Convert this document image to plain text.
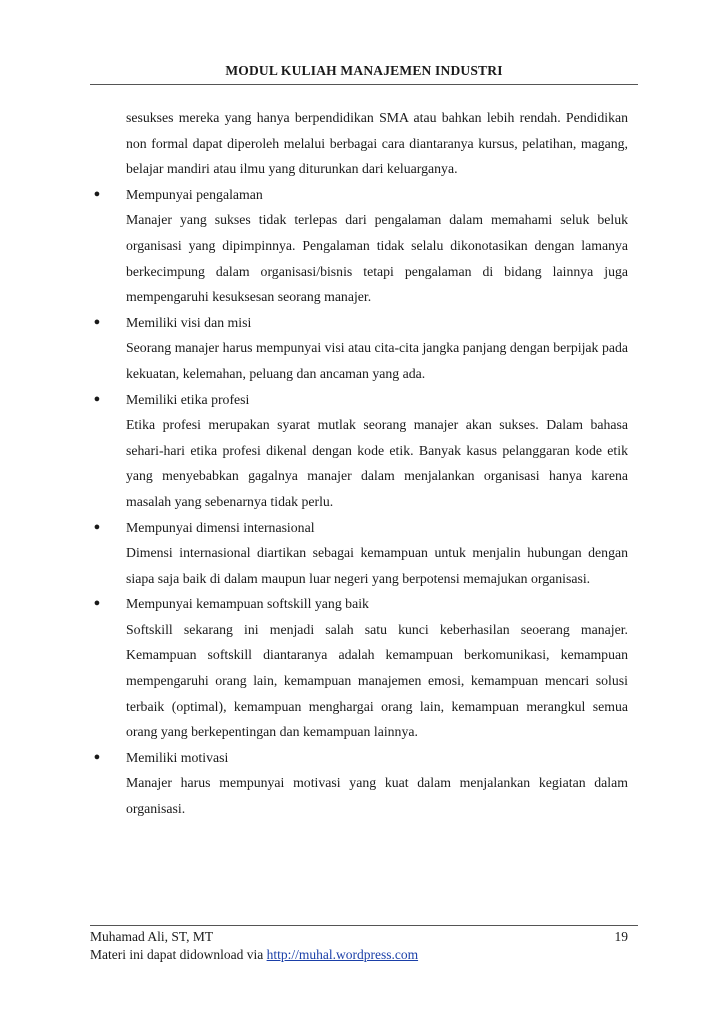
MODUL KULIAH MANAJEMEN INDUSTRI
sesukses mereka yang hanya berpendidikan SMA atau bahkan lebih rendah. Pendidikan non formal dapat diperoleh melalui berbagai cara diantaranya kursus, pelatihan, magang, belajar mandiri atau ilmu yang diturunkan dari keluarganya.
● Mempunyai pengalaman
Manajer yang sukses tidak terlepas dari pengalaman dalam memahami seluk beluk organisasi yang dipimpinnya. Pengalaman tidak selalu dikonotasikan dengan lamanya berkecimpung dalam organisasi/bisnis tetapi pengalaman di bidang lainnya juga mempengaruhi kesuksesan seorang manajer.
● Memiliki visi dan misi
Seorang manajer harus mempunyai visi atau cita-cita jangka panjang dengan berpijak pada kekuatan, kelemahan, peluang dan ancaman yang ada.
● Memiliki etika profesi
Etika profesi merupakan syarat mutlak seorang manajer akan sukses. Dalam bahasa sehari-hari etika profesi dikenal dengan kode etik. Banyak kasus pelanggaran kode etik yang menyebabkan gagalnya manajer dalam menjalankan organisasi hanya karena masalah yang sebenarnya tidak perlu.
● Mempunyai dimensi internasional
Dimensi internasional diartikan sebagai kemampuan untuk menjalin hubungan dengan siapa saja baik di dalam maupun luar negeri yang berpotensi memajukan organisasi.
● Mempunyai kemampuan softskill yang baik
Softskill sekarang ini menjadi salah satu kunci keberhasilan seoerang manajer. Kemampuan softskill diantaranya adalah kemampuan berkomunikasi, kemampuan mempengaruhi orang lain, kemampuan manajemen emosi, kemampuan mencari solusi terbaik (optimal), kemampuan menghargai orang lain, kemampuan merangkul semua orang yang berkepentingan dan kemampuan lainnya.
● Memiliki motivasi
Manajer harus mempunyai motivasi yang kuat dalam menjalankan kegiatan dalam organisasi.
Muhamad Ali, ST, MT	19
Materi ini dapat didownload via http://muhal.wordpress.com
